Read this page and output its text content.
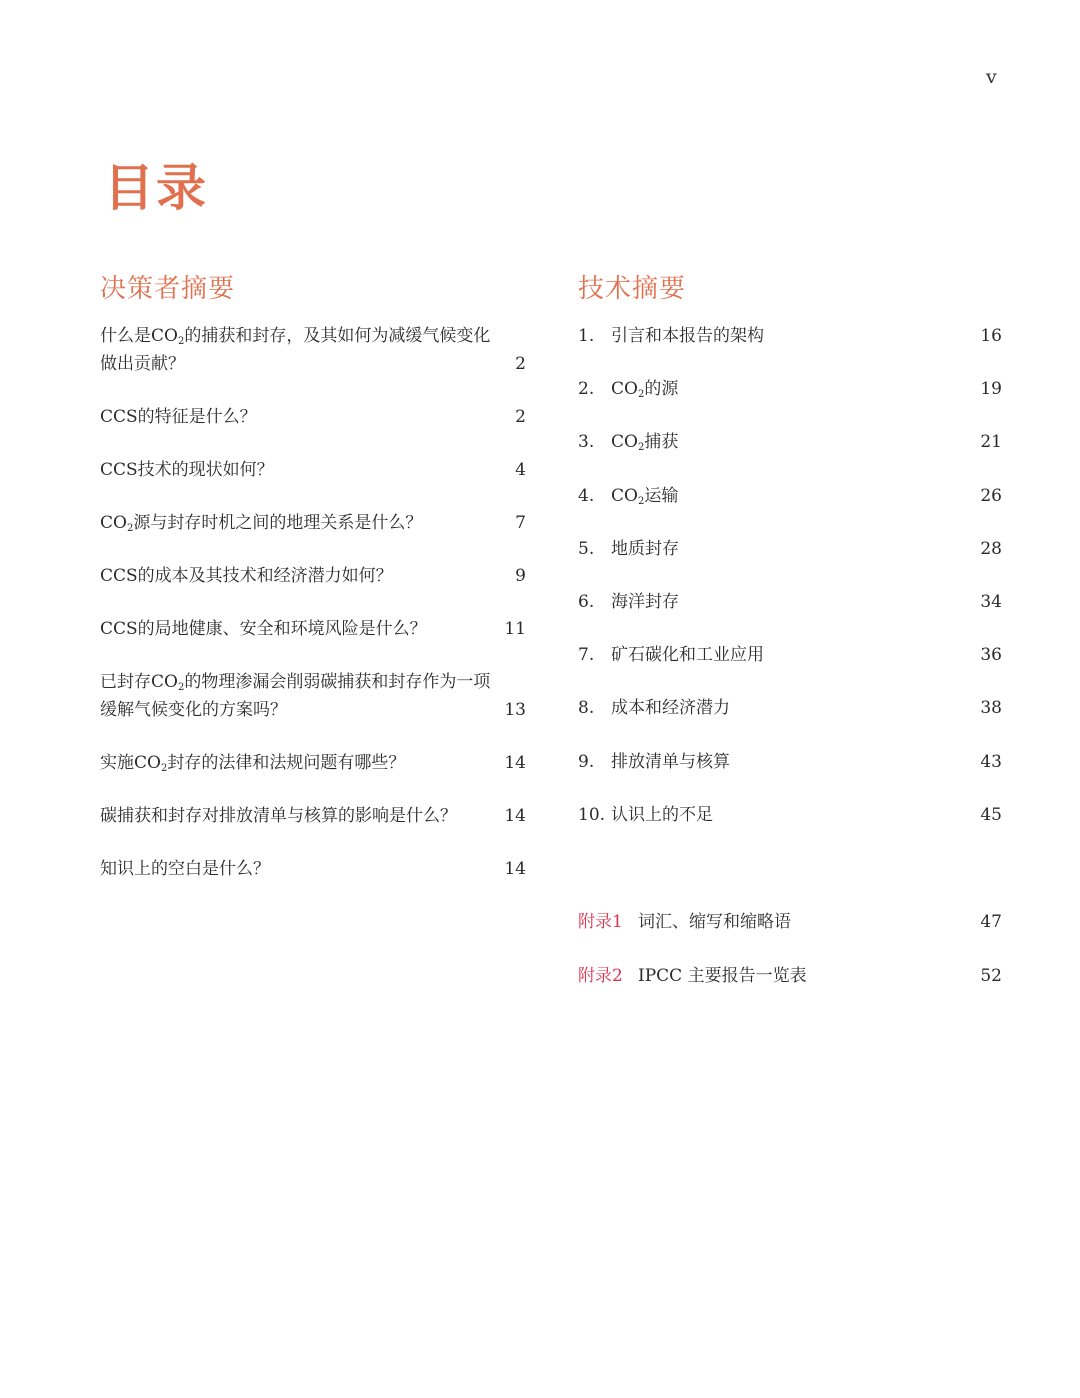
v
目录
决策者摘要	技术摘要
什么是$CO_2$的捕获和封存，及其如何为减缓气候变化
做出贡献？	2
CCS的特征是什么？	2
CCS技术的现状如何？	4
$CO_2$源与封存时机之间的地理关系是什么？	7
CCS的成本及其技术和经济潜力如何？	9
CCS的局地健康、安全和环境风险是什么？	11
已封存$CO_2$的物理渗漏会削弱碳捕获和封存作为一项
缓解气候变化的方案吗？	13
实施$CO_2$封存的法律和法规问题有哪些？	14
碳捕获和封存对排放清单与核算的影响是什么？	14
知识上的空白是什么？	14
1. 引言和本报告的架构	16
2. $CO_2$的源	19
3. $CO_2$捕获	21
4. $CO_2$运输	26
5. 地质封存	28
6. 海洋封存	34
7. 矿石碳化和工业应用	36
8. 成本和经济潜力	38
9. 排放清单与核算	43
10. 认识上的不足	45
附录1 词汇、缩写和缩略语	47
附录2 IPCC 主要报告一览表	52
